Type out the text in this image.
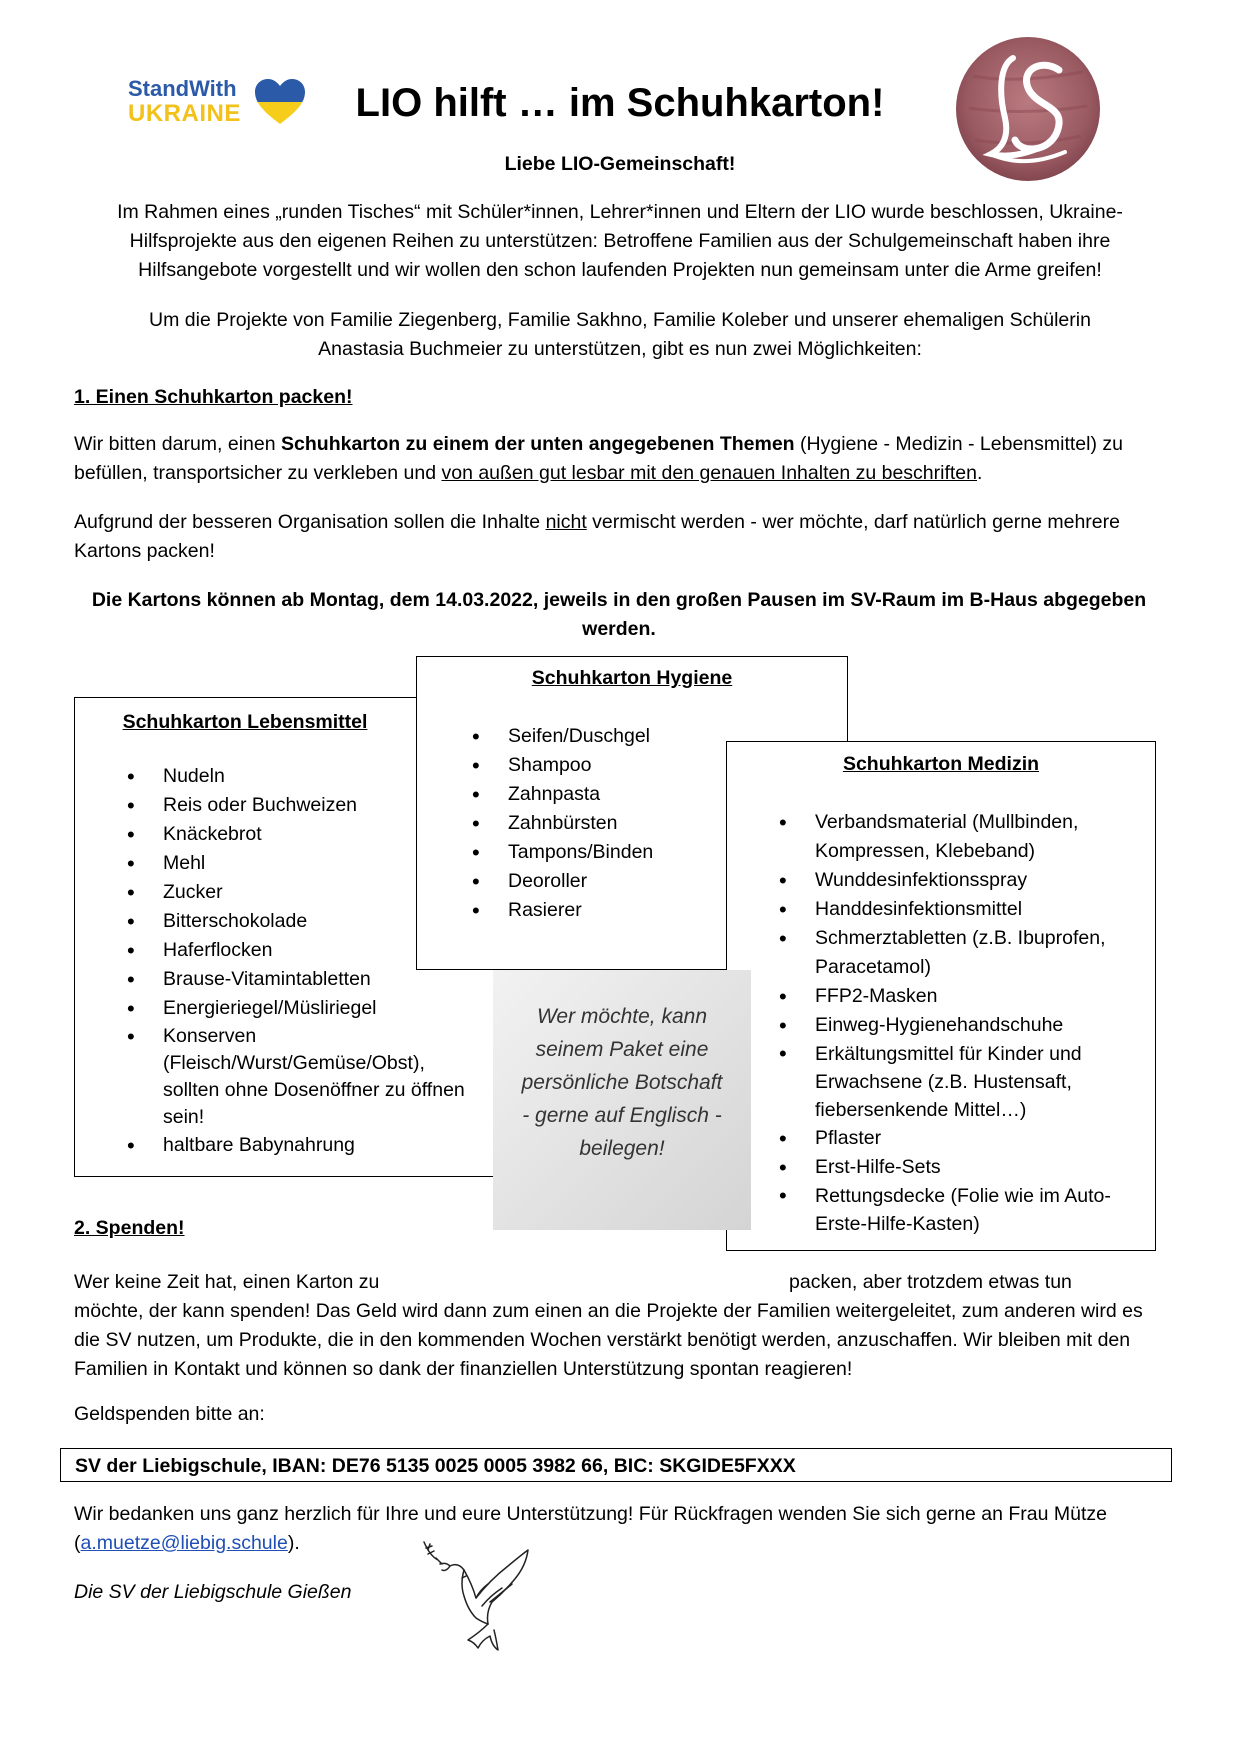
StandWith
UKRAINE	LIO hilft … im Schuhkarton!

Liebe LIO-Gemeinschaft!

Im Rahmen eines „runden Tisches“ mit Schüler*innen, Lehrer*innen und Eltern der LIO wurde beschlossen, Ukraine-Hilfsprojekte aus den eigenen Reihen zu unterstützen: Betroffene Familien aus der Schulgemeinschaft haben ihre Hilfsangebote vorgestellt und wir wollen den schon laufenden Projekten nun gemeinsam unter die Arme greifen!

Um die Projekte von Familie Ziegenberg, Familie Sakhno, Familie Koleber und unserer ehemaligen Schülerin Anastasia Buchmeier zu unterstützen, gibt es nun zwei Möglichkeiten:

1. Einen Schuhkarton packen!

Wir bitten darum, einen Schuhkarton zu einem der unten angegebenen Themen (Hygiene - Medizin - Lebensmittel) zu befüllen, transportsicher zu verkleben und von außen gut lesbar mit den genauen Inhalten zu beschriften.

Aufgrund der besseren Organisation sollen die Inhalte nicht vermischt werden - wer möchte, darf natürlich gerne mehrere Kartons packen!

Die Kartons können ab Montag, dem 14.03.2022, jeweils in den großen Pausen im SV-Raum im B-Haus abgegeben werden.

Schuhkarton Lebensmittel
• Nudeln
• Reis oder Buchweizen
• Knäckebrot
• Mehl
• Zucker
• Bitterschokolade
• Haferflocken
• Brause-Vitamintabletten
• Energieriegel/Müsliriegel
• Konserven (Fleisch/Wurst/Gemüse/Obst), sollten ohne Dosenöffner zu öffnen sein!
• haltbare Babynahrung
Schuhkarton Hygiene
• Seifen/Duschgel
• Shampoo
• Zahnpasta
• Zahnbürsten
• Tampons/Binden
• Deoroller
• Rasierer
Schuhkarton Medizin
• Verbandsmaterial (Mullbinden, Kompressen, Klebeband)
• Wunddesinfektionsspray
• Handdesinfektionsmittel
• Schmerztabletten (z.B. Ibuprofen, Paracetamol)
• FFP2-Masken
• Einweg-Hygienehandschuhe
• Erkältungsmittel für Kinder und Erwachsene (z.B. Hustensaft, fiebersenkende Mittel…)
• Pflaster
• Erst-Hilfe-Sets
• Rettungsdecke (Folie wie im Auto-Erste-Hilfe-Kasten)
Wer möchte, kann seinem Paket eine persönliche Botschaft - gerne auf Englisch - beilegen!

2. Spenden!

Wer keine Zeit hat, einen Karton zu	packen, aber trotzdem etwas tun

möchte, der kann spenden! Das Geld wird dann zum einen an die Projekte der Familien weitergeleitet, zum anderen wird es die SV nutzen, um Produkte, die in den kommenden Wochen verstärkt benötigt werden, anzuschaffen. Wir bleiben mit den Familien in Kontakt und können so dank der finanziellen Unterstützung spontan reagieren!

Geldspenden bitte an:

SV der Liebigschule, IBAN: DE76 5135 0025 0005 3982 66, BIC: SKGIDE5FXXX

Wir bedanken uns ganz herzlich für Ihre und eure Unterstützung! Für Rückfragen wenden Sie sich gerne an Frau Mütze (a.muetze@liebig.schule).

Die SV der Liebigschule Gießen
